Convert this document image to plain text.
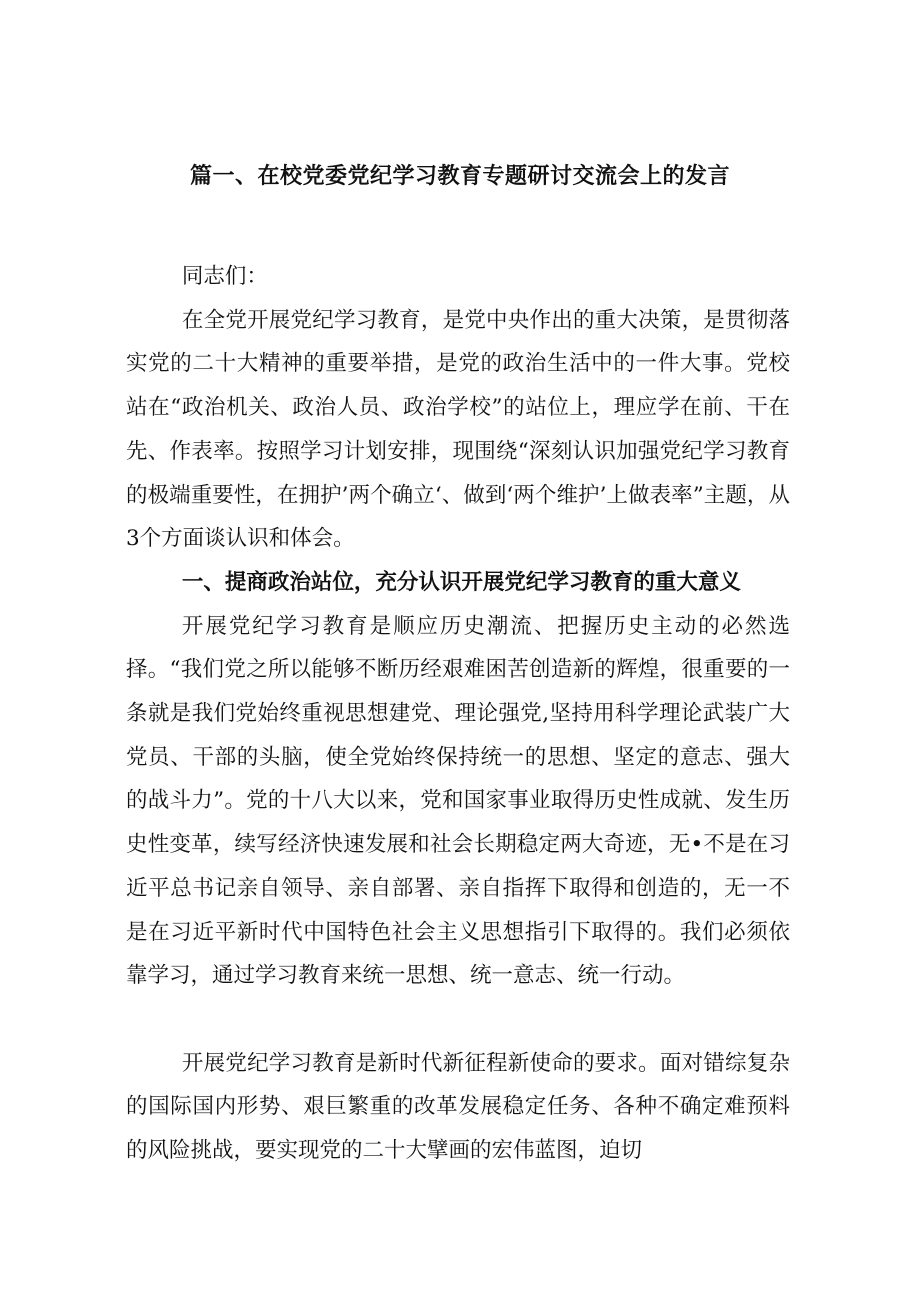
篇一、在校党委党纪学习教育专题研讨交流会上的发言

同志们：

在全党开展党纪学习教育，是党中央作出的重大决策，是贯彻落实党的二十大精神的重要举措，是党的政治生活中的一件大事。党校站在“政治机关、政治人员、政治学校”的站位上，理应学在前、干在先、作表率。按照学习计划安排，现围绕“深刻认识加强党纪学习教育的极端重要性，在拥护’两个确立‘、做到‘两个维护’上做表率”主题，从3个方面谈认识和体会。

一、提商政治站位，充分认识开展党纪学习教育的重大意义

开展党纪学习教育是顺应历史潮流、把握历史主动的必然选择。“我们党之所以能够不断历经艰难困苦创造新的辉煌，很重要的一条就是我们党始终重视思想建党、理论强党,坚持用科学理论武装广大党员、干部的头脑，使全党始终保持统一的思想、坚定的意志、强大的战斗力”。党的十八大以来，党和国家事业取得历史性成就、发生历史性变革，续写经济快速发展和社会长期稳定两大奇迹，无•不是在习近平总书记亲自领导、亲自部署、亲自指挥下取得和创造的，无一不是在习近平新时代中国特色社会主义思想指引下取得的。我们必须依靠学习，通过学习教育来统一思想、统一意志、统一行动。

开展党纪学习教育是新时代新征程新使命的要求。面对错综复杂的国际国内形势、艰巨繁重的改革发展稳定任务、各种不确定难预料的风险挑战，要实现党的二十大擘画的宏伟蓝图，迫切
